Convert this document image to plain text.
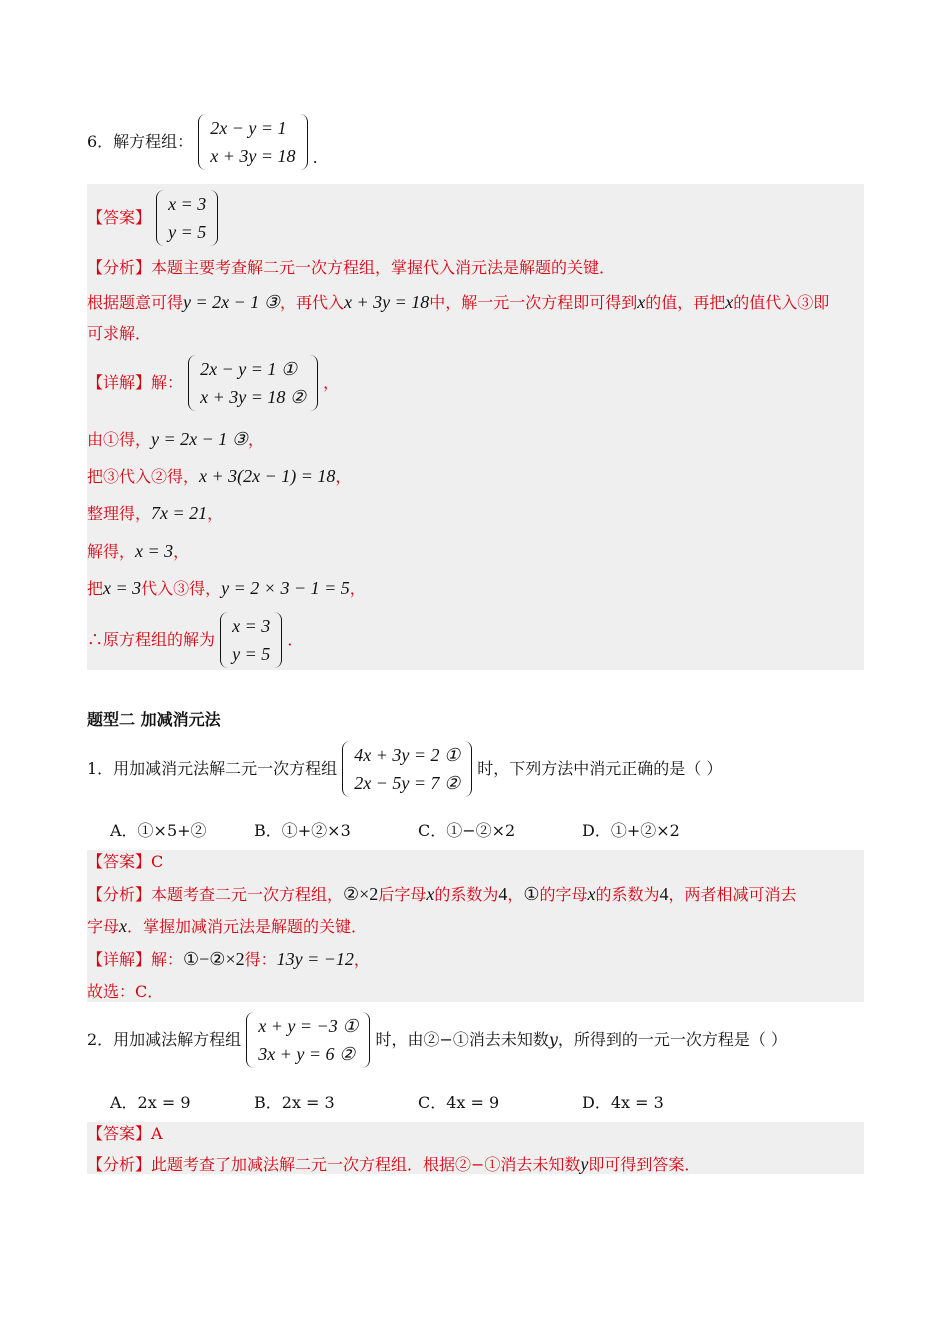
6．解方程组：
2x − y = 1
x + 3y = 18 .
【答案】
x = 3
y = 5
【分析】本题主要考查解二元一次方程组，掌握代入消元法是解题的关键．
根据题意可得y = 2x − 1 ③，再代入x + 3y = 18中，解一元一次方程即可得到x的值，再把x的值代入③即
可求解．
【详解】解：
2x − y = 1 ①
x + 3y = 18 ②
，
由①得，y = 2x − 1 ③，
把③代入②得，x + 3(2x − 1) = 18，
整理得，7x = 21，
解得，x = 3，
把x = 3代入③得，y = 2 × 3 − 1 = 5，
∴原方程组的解为
x = 3
y = 5
．
题型二 加减消元法
1．用加减消元法解二元一次方程组
4x + 3y = 2 ①
2x − 5y = 7 ②
时，下列方法中消元正确的是（ ）
A．①×5+②	B．①+②×3	C．①−②×2	D．①+②×2
【答案】C
【分析】本题考查二元一次方程组，②×2后字母x的系数为4，①的字母x的系数为4，两者相减可消去
字母x．掌握加减消元法是解题的关键．
【详解】解：①−②×2得：13y = −12，
故选：C．
2．用加减法解方程组
x + y = −3 ①
3x + y = 6 ②
时，由②−①消去未知数y，所得到的一元一次方程是（ ）
A．2x = 9	B．2x = 3	C．4x = 9	D．4x = 3
【答案】A
【分析】此题考查了加减法解二元一次方程组．根据②−①消去未知数y即可得到答案．
